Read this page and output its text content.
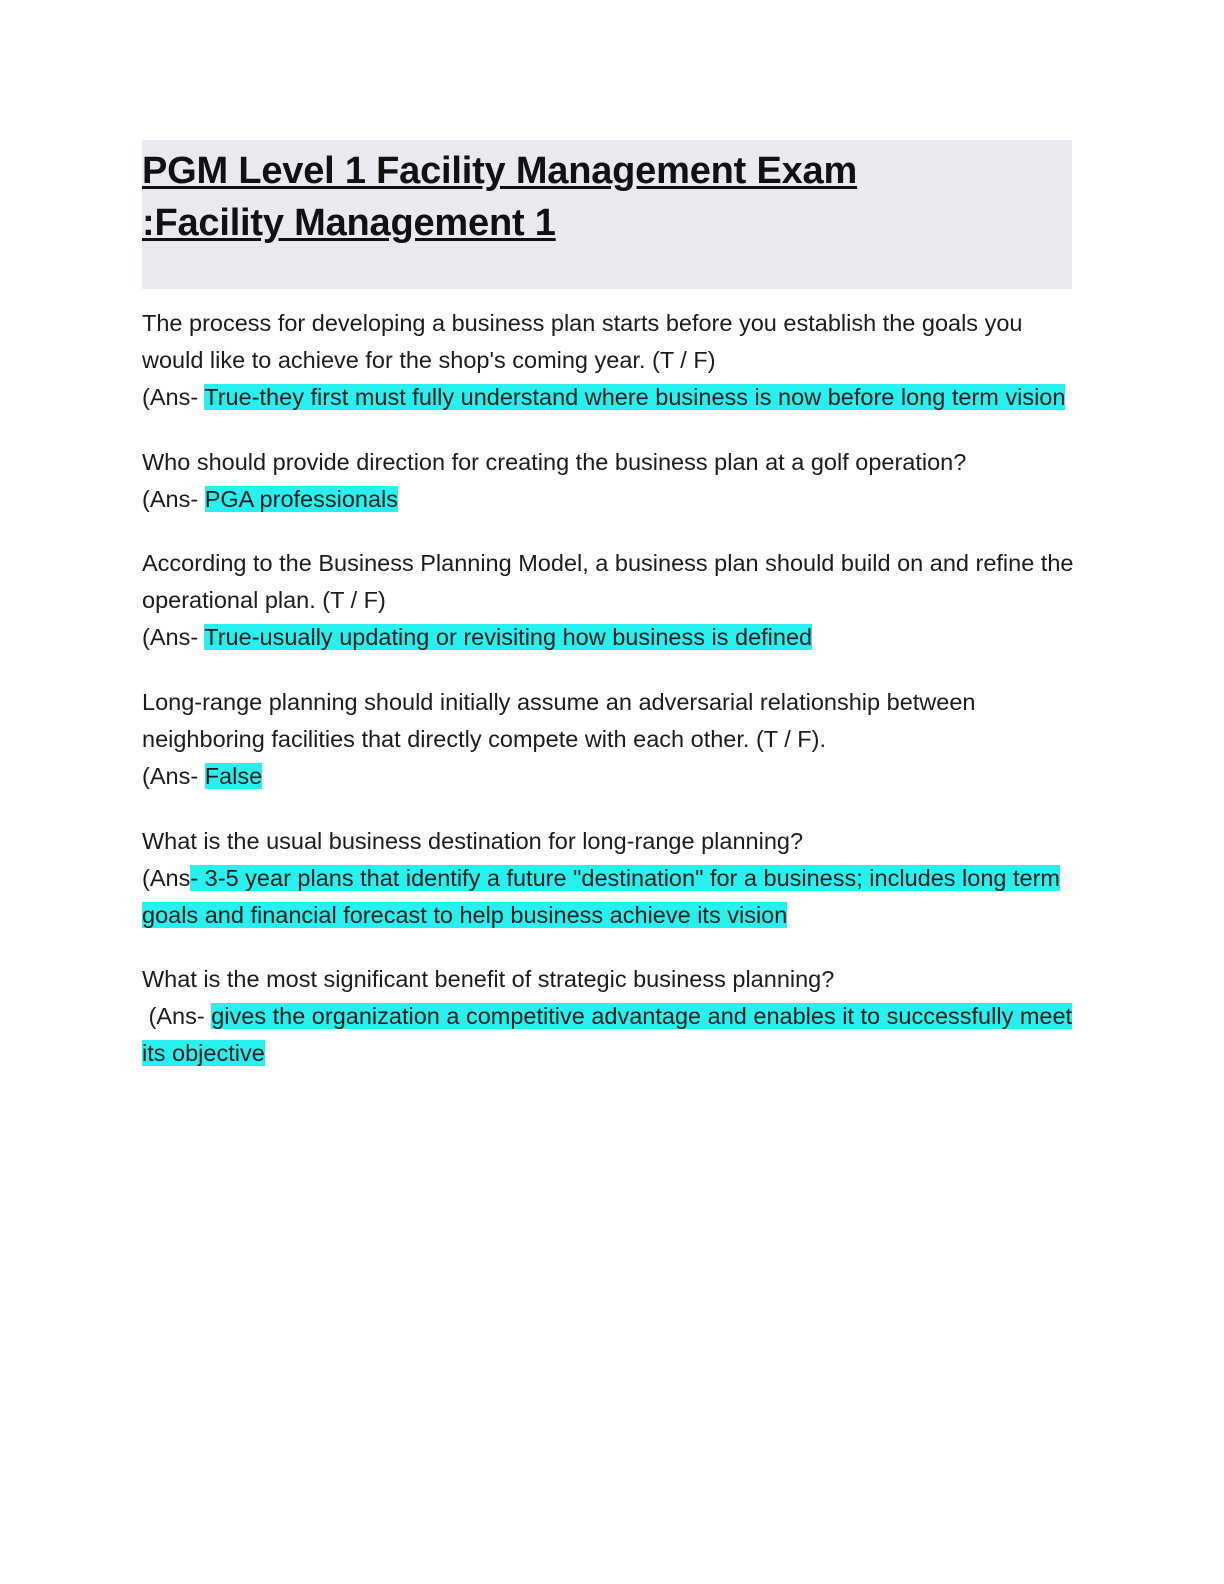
PGM Level 1 Facility Management Exam
:Facility Management 1

The process for developing a business plan starts before you establish the goals you would like to achieve for the shop's coming year. (T / F)

(Ans- True-they first must fully understand where business is now before long term vision

Who should provide direction for creating the business plan at a golf operation?

(Ans- PGA professionals

According to the Business Planning Model, a business plan should build on and refine the operational plan. (T / F)

(Ans- True-usually updating or revisiting how business is defined

Long-range planning should initially assume an adversarial relationship between neighboring facilities that directly compete with each other. (T / F).

(Ans- False

What is the usual business destination for long-range planning?

(Ans- 3-5 year plans that identify a future "destination" for a business; includes long term goals and financial forecast to help business achieve its vision

What is the most significant benefit of strategic business planning?

(Ans- gives the organization a competitive advantage and enables it to successfully meet its objective
